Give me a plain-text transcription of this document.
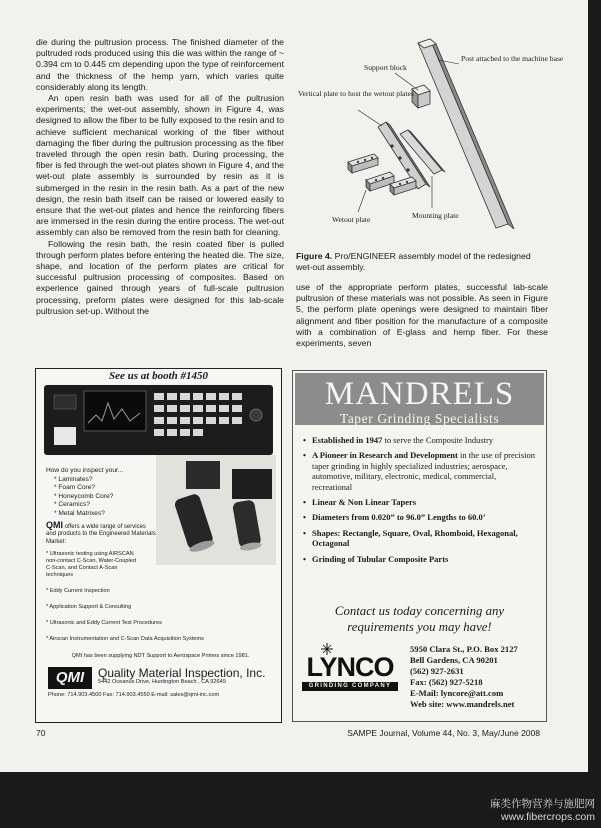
die during the pultrusion process. The finished diameter of the pultruded rods produced using this die was within the range of ~ 0.394 cm to 0.445 cm depending upon the type of reinforcement and the thickness of the hemp yarn, which varies quite considerably along its length.

An open resin bath was used for all of the pultrusion experiments; the wet-out assembly, shown in Figure 4, was designed to allow the fiber to be fully exposed to the resin and to achieve sufficient mechanical working of the fiber without damaging the fiber during the pultrusion processing as the fiber traveled through the open resin bath. During processing, the fiber is fed through the wet-out plates shown in Figure 4, and the wet-out plate assembly is surrounded by resin as it is submerged in the resin in the resin bath. As a part of the new design, the resin bath itself can be raised or lowered easily to ensure that the wet-out plates and hence the reinforcing fibers are immersed in the resin during the entire process. The wet-out assembly can also be removed from the resin bath for cleaning.

Following the resin bath, the resin coated fiber is pulled through perform plates before entering the heated die. The size, shape, and location of the perform plates are critical for successful pultrusion processing of composites. Based on experience gained through years of full-scale pultrusion processing, preform plates were designed for this lab-scale pultrusion set-up. Without the

Post attached to the machine base
Support block
Vertical plate to host the wetout plates
Wetout plate	Mounting plate
Figure 4. Pro/ENGINEER assembly model of the redesigned wet-out assembly.

use of the appropriate perform plates, successful lab-scale pultrusion of these materials was not possible. As seen in Figure 5, the perform plate openings were designed to maintain fiber alignment and fiber position for the manufacture of a composite with a combination of E-glass and hemp fiber. For these experiments, seven

See us at booth #1450
How do you inspect your...
* Laminates?
* Foam Core?
* Honeycomb Core?
* Ceramics?
* Metal Matrixes?
QMI offers a wide range of services and products to the Engineered Materials Market:
* Ultrasonic testing using AIRSCAN non-contact C-Scan, Water-Coupled C-Scan, and Contact A-Scan techniques
* Eddy Current Inspection
* Application Support & Consulting
* Ultrasonic and Eddy Current Test Procedures
* Airscan Instrumentation and C-Scan Data Acquisition Systems
QMI has been supplying NDT Support to Aerospace Primes since 1981.
QMI	Quality Material Inspection, Inc.
5442 Oceanus Drive, Huntington Beach , CA 92649
Phone: 714.903.4500 Fax: 714.903.4550 E-mail: sales@qmi-inc.com
MANDRELS
Taper Grinding Specialists
• Established in 1947 to serve the Composite Industry
• A Pioneer in Research and Development in the use of precision taper grinding in highly specialized industries; aerospace, automotive, military, electronic, medical, commercial, recreational
• Linear & Non Linear Tapers
• Diameters from 0.020” to 96.0” Lengths to 60.0’
• Shapes: Rectangle, Square, Oval, Rhomboid, Hexagonal, Octagonal
• Grinding of Tubular Composite Parts
Contact us today concerning any
requirements you may have!
LYNCO
GRINDING COMPANY
5950 Clara St., P.O. Box 2127
Bell Gardens, CA 90201
(562) 927-2631
Fax: (562) 927-5218
E-Mail: lyncore@att.com
Web site: www.mandrels.net
70	SAMPE Journal, Volume 44, No. 3, May/June 2008
麻类作物营养与施肥网
www.fibercrops.com
